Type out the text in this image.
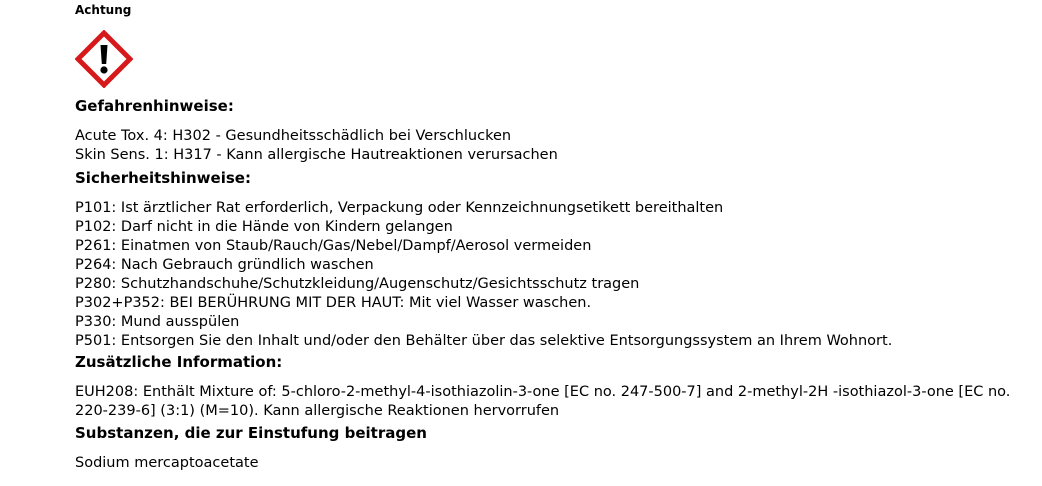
Achtung
Gefahrenhinweise:
Acute Tox. 4: H302 - Gesundheitsschädlich bei Verschlucken
Skin Sens. 1: H317 - Kann allergische Hautreaktionen verursachen
Sicherheitshinweise:
P101: Ist ärztlicher Rat erforderlich, Verpackung oder Kennzeichnungsetikett bereithalten
P102: Darf nicht in die Hände von Kindern gelangen
P261: Einatmen von Staub/Rauch/Gas/Nebel/Dampf/Aerosol vermeiden
P264: Nach Gebrauch gründlich waschen
P280: Schutzhandschuhe/Schutzkleidung/Augenschutz/Gesichtsschutz tragen
P302+P352: BEI BERÜHRUNG MIT DER HAUT: Mit viel Wasser waschen.
P330: Mund ausspülen
P501: Entsorgen Sie den Inhalt und/oder den Behälter über das selektive Entsorgungssystem an Ihrem Wohnort.
Zusätzliche Information:
EUH208: Enthält Mixture of: 5-chloro-2-methyl-4-isothiazolin-3-one [EC no. 247-500-7] and 2-methyl-2H -isothiazol-3-one [EC no. 220-239-6] (3:1) (M=10). Kann allergische Reaktionen hervorrufen
Substanzen, die zur Einstufung beitragen
Sodium mercaptoacetate
